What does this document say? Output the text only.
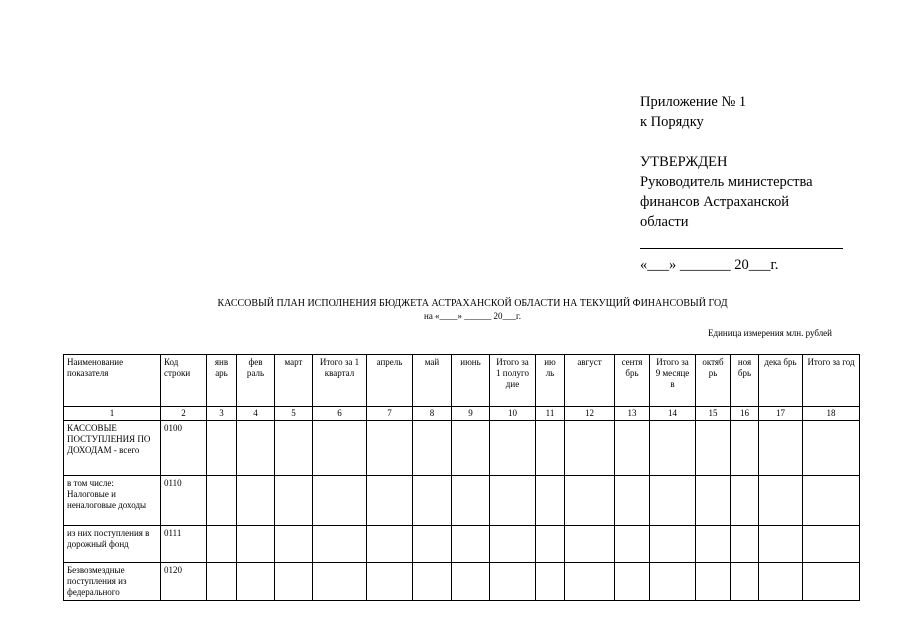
Приложение № 1
к Порядку
УТВЕРЖДЕН
Руководитель министерства
финансов Астраханской
области
«___» _______ 20___г.
КАССОВЫЙ ПЛАН ИСПОЛНЕНИЯ БЮДЖЕТА АСТРАХАНСКОЙ ОБЛАСТИ НА ТЕКУЩИЙ ФИНАНСОВЫЙ ГОД
на «____» ______ 20___г.
Единица измерения млн. рублей
Наименование показателя	Код строки	янв арь	фев раль	март	Итого за 1 квартал	апрель	май	июнь	Итого за 1 полуго дие	ию ль	август	сентя брь	Итого за 9 месяце в	октяб рь	ноя брь	дека брь	Итого за год
1	2	3	4	5	6	7	8	9	10	11	12	13	14	15	16	17	18
КАССОВЫЕ ПОСТУПЛЕНИЯ ПО ДОХОДАМ - всего	0100																
в том числе: Налоговые и неналоговые доходы	0110																
из них поступления в дорожный фонд	0111																
Безвозмездные поступления из федерального	0120																
